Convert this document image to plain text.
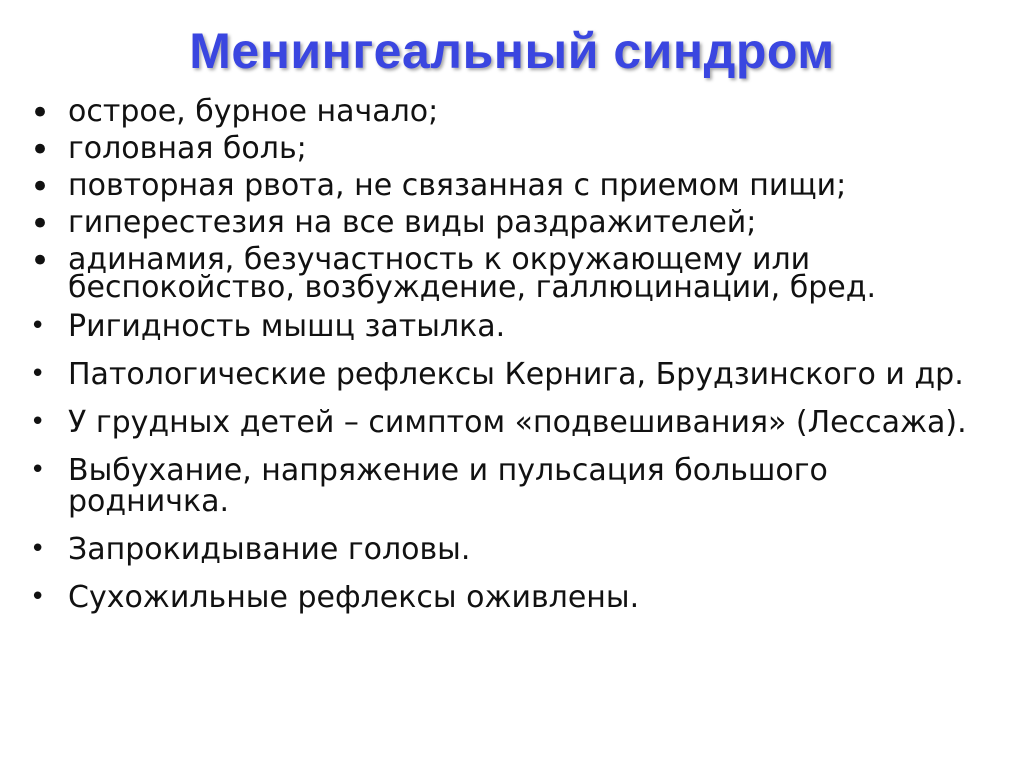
Менингеальный синдром
• острое, бурное начало;
• головная боль;
• повторная рвота, не связанная с приемом пищи;
• гиперестезия на все виды раздражителей;
• адинамия, безучастность к окружающему или беспокойство, возбуждение, галлюцинации, бред.
• Ригидность мышц затылка.
• Патологические рефлексы Кернига, Брудзинского и др.
• У грудных детей – симптом «подвешивания» (Лессажа).
• Выбухание, напряжение и пульсация большого родничка.
• Запрокидывание головы.
• Сухожильные рефлексы оживлены.
